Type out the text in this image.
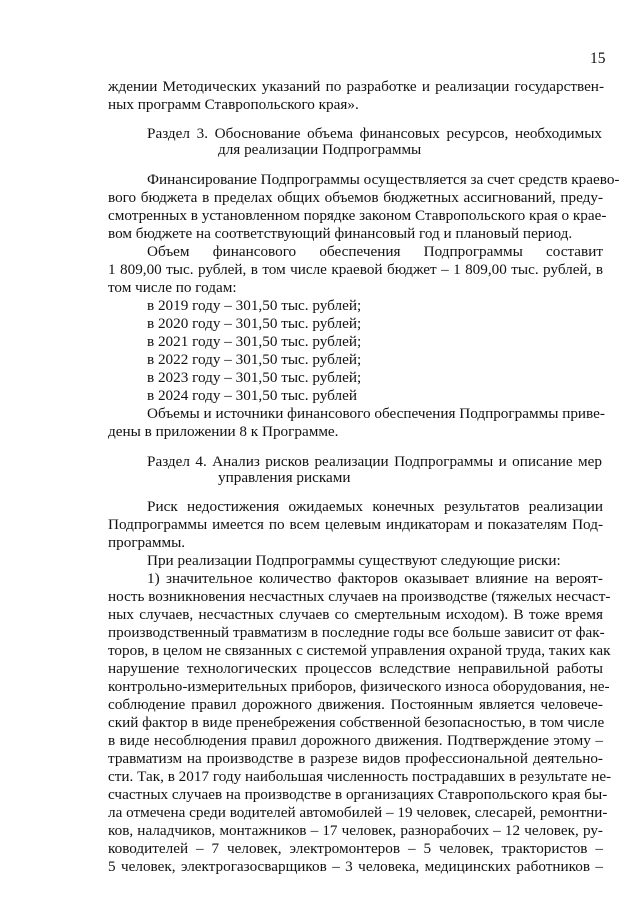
15
ждении Методических указаний по разработке и реализации государствен-
ных программ Ставропольского края».
Раздел 3. Обоснование объема финансовых ресурсов, необходимых
для реализации Подпрограммы
Финансирование Подпрограммы осуществляется за счет средств краево-
вого бюджета в пределах общих объемов бюджетных ассигнований, преду-
смотренных в установленном порядке законом Ставропольского края о крае-
вом бюджете на соответствующий финансовый год и плановый период.
Объем финансового обеспечения Подпрограммы составит
1 809,00 тыс. рублей, в том числе краевой бюджет – 1 809,00 тыс. рублей, в
том числе по годам:
в 2019 году – 301,50 тыс. рублей;
в 2020 году – 301,50 тыс. рублей;
в 2021 году – 301,50 тыс. рублей;
в 2022 году – 301,50 тыс. рублей;
в 2023 году – 301,50 тыс. рублей;
в 2024 году – 301,50 тыс. рублей
Объемы и источники финансового обеспечения Подпрограммы приве-
дены в приложении 8 к Программе.
Раздел 4. Анализ рисков реализации Подпрограммы и описание мер
управления рисками
Риск недостижения ожидаемых конечных результатов реализации
Подпрограммы имеется по всем целевым индикаторам и показателям Под-
программы.
При реализации Подпрограммы существуют следующие риски:
1) значительное количество факторов оказывает влияние на вероят-
ность возникновения несчастных случаев на производстве (тяжелых несчаст-
ных случаев, несчастных случаев со смертельным исходом). В тоже время
производственный травматизм в последние годы все больше зависит от фак-
торов, в целом не связанных с системой управления охраной труда, таких как
нарушение технологических процессов вследствие неправильной работы
контрольно-измерительных приборов, физического износа оборудования, не-
соблюдение правил дорожного движения. Постоянным является человече-
ский фактор в виде пренебрежения собственной безопасностью, в том числе
в виде несоблюдения правил дорожного движения. Подтверждение этому –
травматизм на производстве в разрезе видов профессиональной деятельно-
сти. Так, в 2017 году наибольшая численность пострадавших в результате не-
счастных случаев на производстве в организациях Ставропольского края бы-
ла отмечена среди водителей автомобилей – 19 человек, слесарей, ремонтни-
ков, наладчиков, монтажников – 17 человек, разнорабочих – 12 человек, ру-
ководителей – 7 человек, электромонтеров – 5 человек, трактористов –
5 человек, электрогазосварщиков – 3 человека, медицинских работников –
